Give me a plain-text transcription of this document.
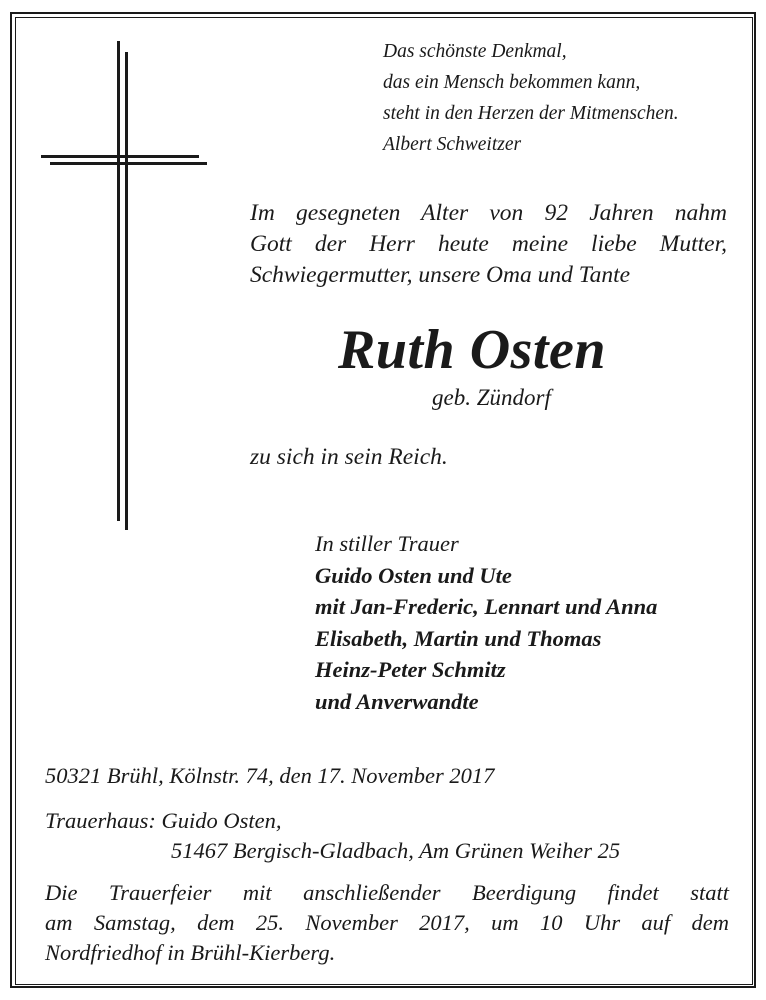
Das schönste Denkmal,
das ein Mensch bekommen kann,
steht in den Herzen der Mitmenschen.
Albert Schweitzer
Im gesegneten Alter von 92 Jahren nahm
Gott der Herr heute meine liebe Mutter,
Schwiegermutter, unsere Oma und Tante
Ruth Osten
geb. Zündorf
zu sich in sein Reich.
In stiller Trauer
Guido Osten und Ute
mit Jan-Frederic, Lennart und Anna
Elisabeth, Martin und Thomas
Heinz-Peter Schmitz
und Anverwandte
50321 Brühl, Kölnstr. 74, den 17. November 2017
Trauerhaus: Guido Osten,
51467 Bergisch-Gladbach, Am Grünen Weiher 25
Die Trauerfeier mit anschließender Beerdigung findet statt
am Samstag, dem 25. November 2017, um 10 Uhr auf dem
Nordfriedhof in Brühl-Kierberg.
